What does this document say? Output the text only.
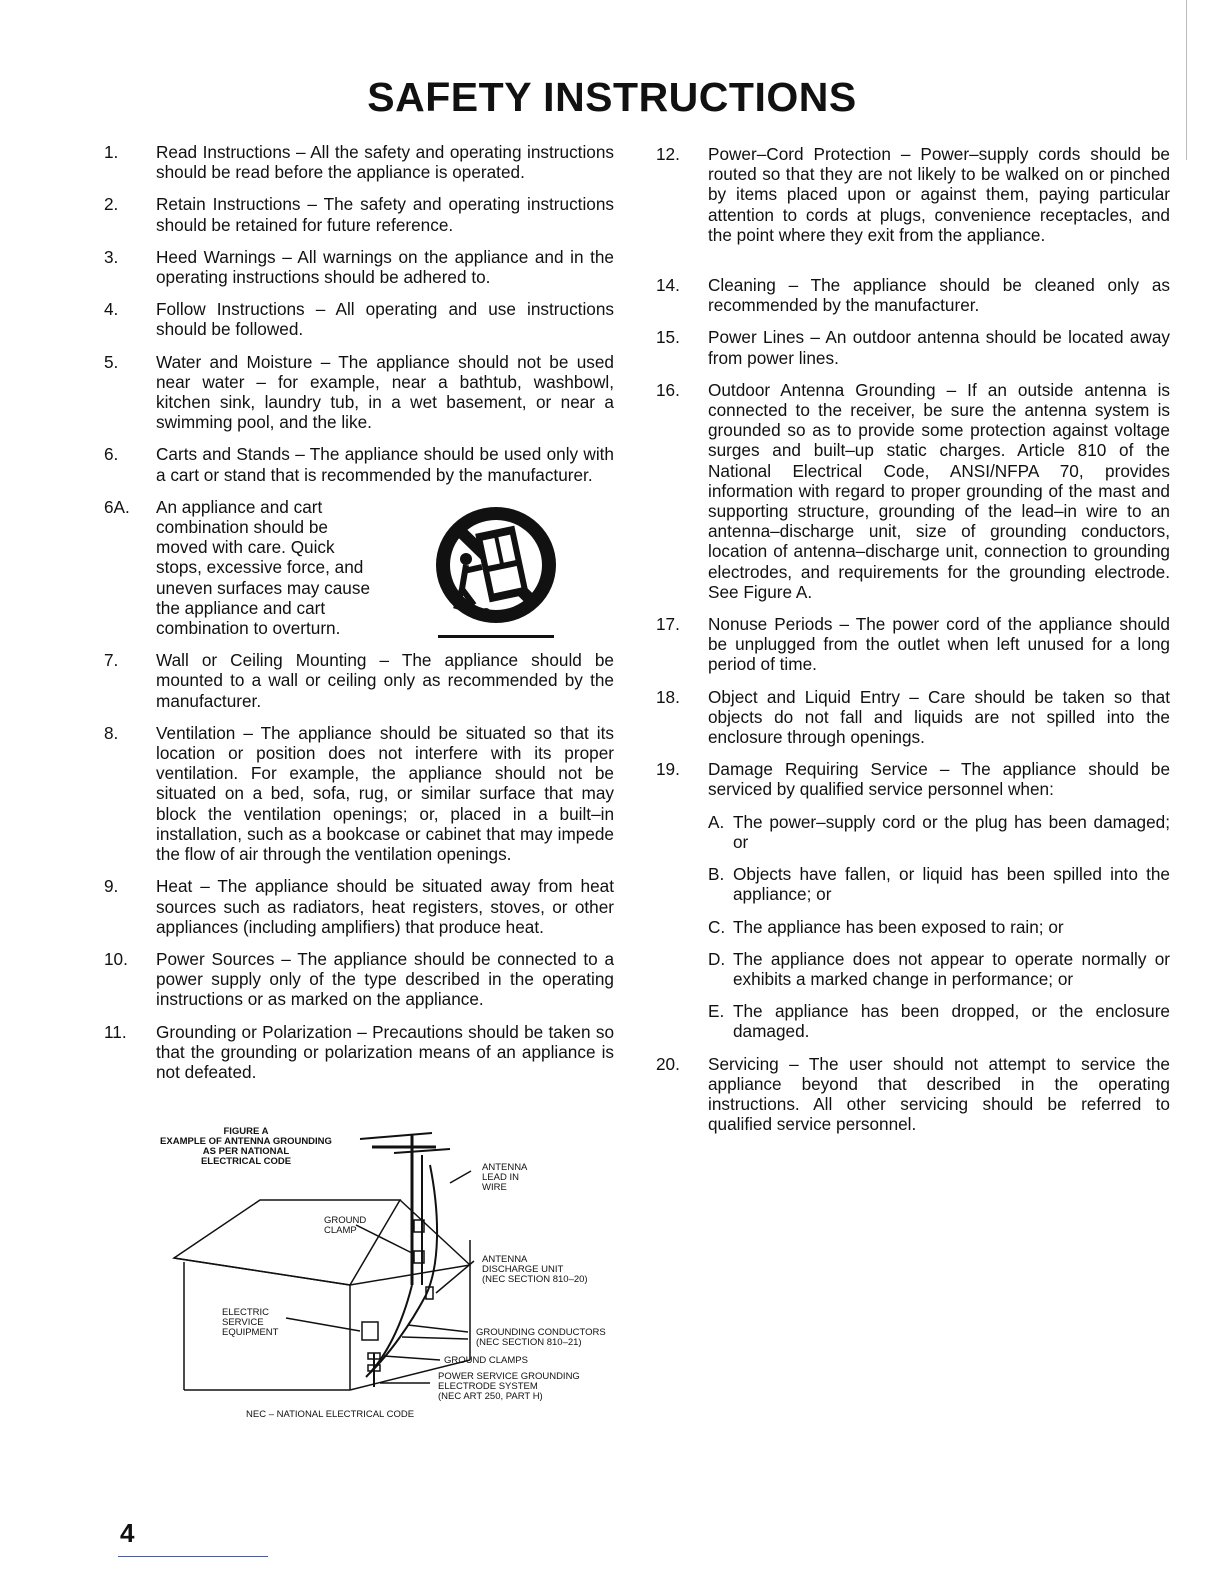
SAFETY INSTRUCTIONS
1. Read Instructions – All the safety and operating instructions should be read before the appliance is operated.
2. Retain Instructions – The safety and operating instructions should be retained for future reference.
3. Heed Warnings – All warnings on the appliance and in the operating instructions should be adhered to.
4. Follow Instructions – All operating and use instructions should be followed.
5. Water and Moisture – The appliance should not be used near water – for example, near a bathtub, washbowl, kitchen sink, laundry tub, in a wet basement, or near a swimming pool, and the like.
6. Carts and Stands – The appliance should be used only with a cart or stand that is recommended by the manufacturer.
6A. An appliance and cart combination should be moved with care. Quick stops, excessive force, and uneven surfaces may cause the appliance and cart combination to overturn.
7. Wall or Ceiling Mounting – The appliance should be mounted to a wall or ceiling only as recommended by the manufacturer.
8. Ventilation – The appliance should be situated so that its location or position does not interfere with its proper ventilation. For example, the appliance should not be situated on a bed, sofa, rug, or similar surface that may block the ventilation openings; or, placed in a built–in installation, such as a bookcase or cabinet that may impede the flow of air through the ventilation openings.
9. Heat – The appliance should be situated away from heat sources such as radiators, heat registers, stoves, or other appliances (including amplifiers) that produce heat.
10. Power Sources – The appliance should be connected to a power supply only of the type described in the operating instructions or as marked on the appliance.
11. Grounding or Polarization – Precautions should be taken so that the grounding or polarization means of an appliance is not defeated.
12. Power–Cord Protection – Power–supply cords should be routed so that they are not likely to be walked on or pinched by items placed upon or against them, paying particular attention to cords at plugs, convenience receptacles, and the point where they exit from the appliance.
14. Cleaning – The appliance should be cleaned only as recommended by the manufacturer.
15. Power Lines – An outdoor antenna should be located away from power lines.
16. Outdoor Antenna Grounding – If an outside antenna is connected to the receiver, be sure the antenna system is grounded so as to provide some protection against voltage surges and built–up static charges. Article 810 of the National Electrical Code, ANSI/NFPA 70, provides information with regard to proper grounding of the mast and supporting structure, grounding of the lead–in wire to an antenna–discharge unit, size of grounding conductors, location of antenna–discharge unit, connection to grounding electrodes, and requirements for the grounding electrode. See Figure A.
17. Nonuse Periods – The power cord of the appliance should be unplugged from the outlet when left unused for a long period of time.
18. Object and Liquid Entry – Care should be taken so that objects do not fall and liquids are not spilled into the enclosure through openings.
19. Damage Requiring Service – The appliance should be serviced by qualified service personnel when:
A. The power–supply cord or the plug has been damaged; or
B. Objects have fallen, or liquid has been spilled into the appliance; or
C. The appliance has been exposed to rain; or
D. The appliance does not appear to operate normally or exhibits a marked change in performance; or
E. The appliance has been dropped, or the enclosure damaged.
20. Servicing – The user should not attempt to service the appliance beyond that described in the operating instructions. All other servicing should be referred to qualified service personnel.
FIGURE A
EXAMPLE OF ANTENNA GROUNDING
AS PER NATIONAL
ELECTRICAL CODE
ANTENNA
LEAD IN
WIRE
GROUND
CLAMP
ANTENNA
DISCHARGE UNIT
(NEC SECTION 810–20)
ELECTRIC
SERVICE
EQUIPMENT	GROUNDING CONDUCTORS
(NEC SECTION 810–21)
GROUND CLAMPS
POWER SERVICE GROUNDING
ELECTRODE SYSTEM
(NEC ART 250, PART H)
NEC – NATIONAL ELECTRICAL CODE
4
